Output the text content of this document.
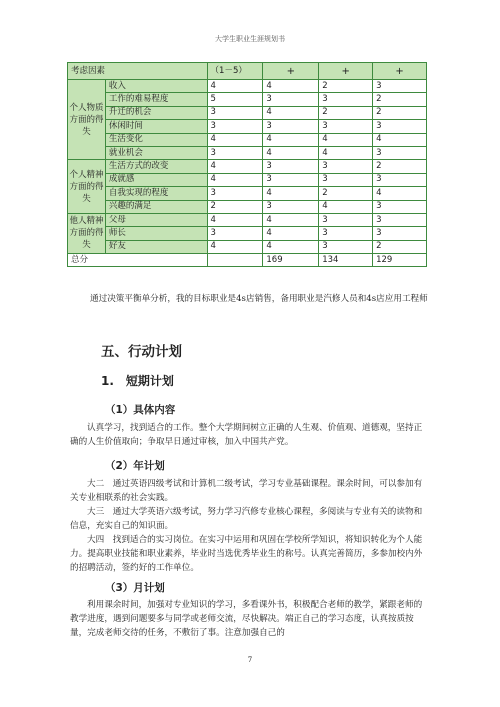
大学生职业生涯规划书
考虑因素		（1－5）	+	+	+
个人物质方面的得失	收入	4	4	2	3
	工作的难易程度	5	3	3	2
	升迁的机会	3	4	2	2
	休闲时间	3	3	3	3
	生活变化	4	4	4	4
	就业机会	3	4	4	3
个人精神方面的得失	生活方式的改变	4	3	3	2
	成就感	4	3	3	3
	自我实现的程度	3	4	2	4
	兴趣的满足	2	3	4	3
他人精神方面的得失	父母	4	4	3	3
	师长	3	4	3	3
	好友	4	4	3	2
总分			169	134	129

通过决策平衡单分析，我的目标职业是4s店销售，备用职业是汽修人员和4s店应用工程师

五、行动计划
1.　短期计划
（1）具体内容

认真学习，找到适合的工作。整个大学期间树立正确的人生观、价值观、道德观，坚持正确的人生价值取向；争取早日通过审核，加入中国共产党。

（2）年计划

大二　通过英语四级考试和计算机二级考试，学习专业基础课程。课余时间，可以参加有关专业相联系的社会实践。

大三　通过大学英语六级考试，努力学习汽修专业核心课程，多阅读与专业有关的读物和信息，充实自己的知识面。

大四　找到适合的实习岗位。在实习中运用和巩固在学校所学知识，将知识转化为个人能力。提高职业技能和职业素养，毕业时当选优秀毕业生的称号。认真完善简历，多参加校内外的招聘活动，签约好的工作单位。

（3）月计划

利用课余时间，加强对专业知识的学习，多看课外书，积极配合老师的教学，紧跟老师的教学进度，遇到问题要多与同学或老师交流，尽快解决。端正自己的学习态度，认真按质按量，完成老师交待的任务，不敷衍了事。注意加强自己的

7
